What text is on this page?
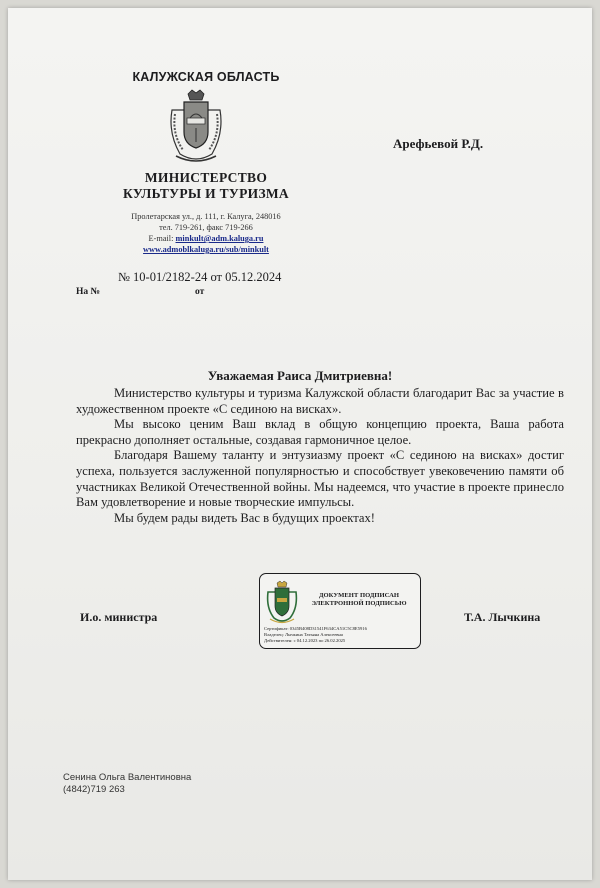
КАЛУЖСКАЯ ОБЛАСТЬ
МИНИСТЕРСТВО
КУЛЬТУРЫ И ТУРИЗМА
Пролетарская ул., д. 111, г. Калуга, 248016
тел. 719-261, факс 719-266
E-mail: minkult@adm.kaluga.ru
www.admoblkaluga.ru/sub/minkult
Арефьевой Р.Д.
№ 10-01/2182-24 от 05.12.2024
На №	от
Уважаемая Раиса Дмитриевна!

Министерство культуры и туризма Калужской области благодарит Вас за участие в художественном проекте «С сединою на висках».

Мы высоко ценим Ваш вклад в общую концепцию проекта, Ваша работа прекрасно дополняет остальные, создавая гармоничное целое.

Благодаря Вашему таланту и энтузиазму проект «С сединою на висках» достиг успеха, пользуется заслуженной популярностью и способствует увековечению памяти об участниках Великой Отечественной войны. Мы надеемся, что участие в проекте принесло Вам удовлетворение и новые творческие импульсы.

Мы будем рады видеть Вас в будущих проектах!

И.о. министра
ДОКУМЕНТ ПОДПИСАН
ЭЛЕКТРОННОЙ ПОДПИСЬЮ
Сертификат: 0345B408D31541F634CA51C5C8E5916
Владелец: Лычкина Татьяна Алексеевна
Действителен: с 04.12.2023 по 26.02.2025
Т.А. Лычкина
Сенина Ольга Валентиновна
(4842)719 263
